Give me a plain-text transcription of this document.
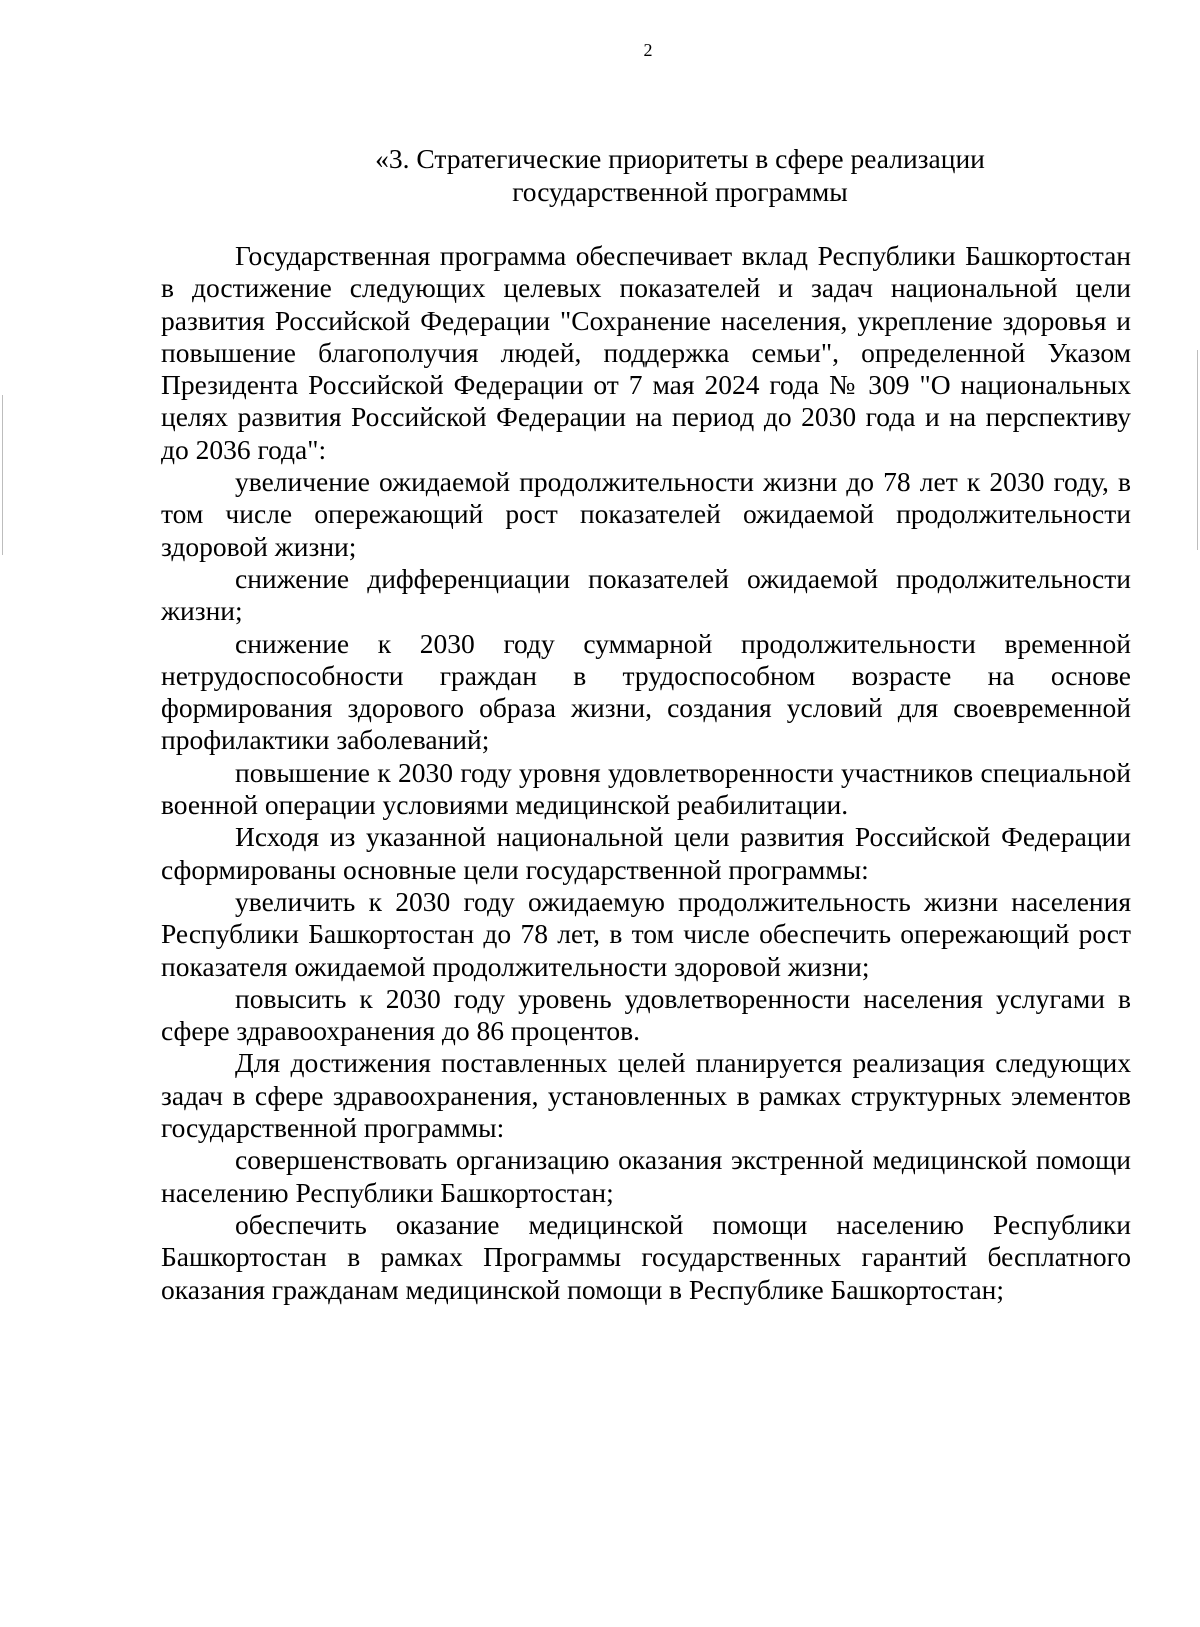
2
«3. Стратегические приоритеты в сфере реализации
государственной программы

Государственная программа обеспечивает вклад Республики Башкортостан в достижение следующих целевых показателей и задач национальной цели развития Российской Федерации "Сохранение населения, укрепление здоровья и повышение благополучия людей, поддержка семьи", определенной Указом Президента Российской Федерации от 7 мая 2024 года № 309 "О национальных целях развития Российской Федерации на период до 2030 года и на перспективу до 2036 года":

увеличение ожидаемой продолжительности жизни до 78 лет к 2030 году, в том числе опережающий рост показателей ожидаемой продолжительности здоровой жизни;

снижение дифференциации показателей ожидаемой продолжительности жизни;

снижение к 2030 году суммарной продолжительности временной нетрудоспособности граждан в трудоспособном возрасте на основе формирования здорового образа жизни, создания условий для своевременной профилактики заболеваний;

повышение к 2030 году уровня удовлетворенности участников специальной военной операции условиями медицинской реабилитации.

Исходя из указанной национальной цели развития Российской Федерации сформированы основные цели государственной программы:

увеличить к 2030 году ожидаемую продолжительность жизни населения Республики Башкортостан до 78 лет, в том числе обеспечить опережающий рост показателя ожидаемой продолжительности здоровой жизни;

повысить к 2030 году уровень удовлетворенности населения услугами в сфере здравоохранения до 86 процентов.

Для достижения поставленных целей планируется реализация следующих задач в сфере здравоохранения, установленных в рамках структурных элементов государственной программы:

совершенствовать организацию оказания экстренной медицинской помощи населению Республики Башкортостан;

обеспечить оказание медицинской помощи населению Республики Башкортостан в рамках Программы государственных гарантий бесплатного оказания гражданам медицинской помощи в Республике Башкортостан;
